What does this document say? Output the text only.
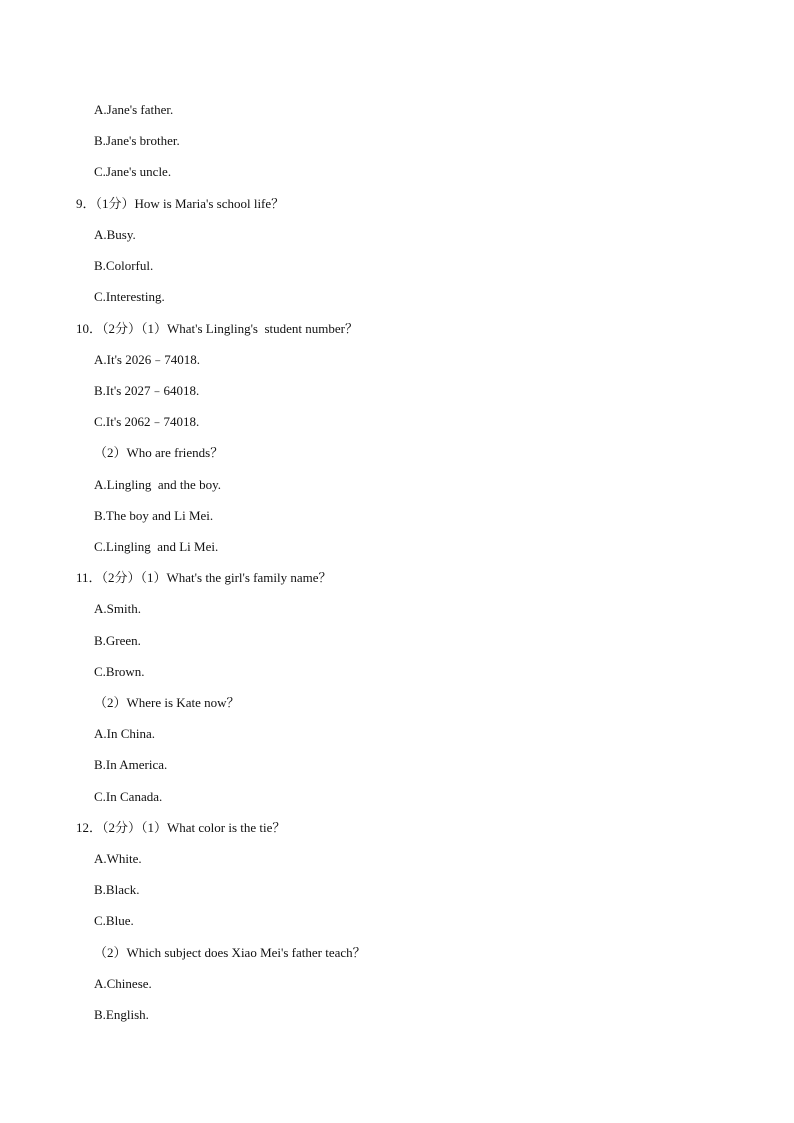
A.Jane's father.
B.Jane's brother.
C.Jane's uncle.
9．（1分）How is Maria's school life？
A.Busy.
B.Colorful.
C.Interesting.
10．（2分）（1）What's Lingling's  student number？
A.It's 2026﹣74018.
B.It's 2027﹣64018.
C.It's 2062﹣74018.
（2）Who are friends？
A.Lingling  and the boy.
B.The boy and Li Mei.
C.Lingling  and Li Mei.
11．（2分）（1）What's the girl's family name？
A.Smith.
B.Green.
C.Brown.
（2）Where is Kate now？
A.In China.
B.In America.
C.In Canada.
12．（2分）（1）What color is the tie？
A.White.
B.Black.
C.Blue.
（2）Which subject does Xiao Mei's father teach？
A.Chinese.
B.English.
